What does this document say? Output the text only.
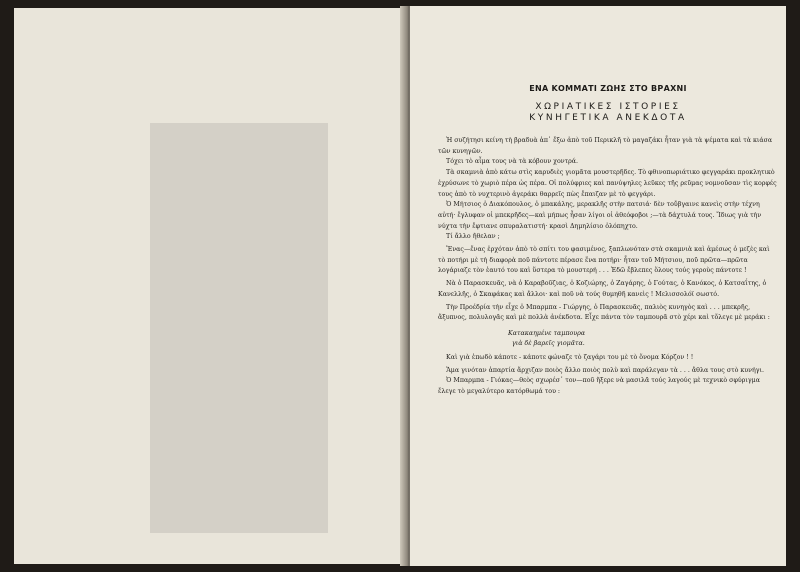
ΕΝΑ ΚΟΜΜΑΤΙ ΖΩΗΣ ΣΤΟ ΒΡΑΧΝΙ
ΧΩΡΙΑΤΙΚΕΣ ΙΣΤΟΡΙΕΣ
ΚΥΝΗΓΕΤΙΚΑ ΑΝΕΚΔΟΤΑ

Ἡ συζήτησι κείνη τὴ βραδυὰ ἀπ᾽ ἔξω ἀπὸ τοῦ Περικλῆ τὸ μαγαζάκι ἦταν γιὰ τὰ ψέματα καὶ τὰ κιάσα τῶν κυνηγῶν.

Τόχει τὸ αἷμα τους νὰ τὰ κόβουν χοντρά.

Τὰ σκαμνιὰ ἀπὸ κάτω στὶς καρυδιὲς γιομᾶτα μουστερῆδες. Τὸ φθινοπωριάτικο φεγγαράκι προκλητικὸ ἐχρύσωνε τὸ χωριὸ πέρα ὡς πέρα. Οἱ πολύφριες καὶ πανύψηλες λεῦκες τῆς ρεῦμας νομνοῦσαν τὶς κορφές τους ἀπὸ τὸ νυχτερινὸ ἀγεράκι θαρρεῖς πὼς ἔπαιζαν μὲ τὸ φεγγάρι.

Ὁ Μήτσιος ὁ Διακόπουλος, ὁ μπακάλης, μερακλῆς στὴν πατσιά· δὲν τοὔβγαινε κανεὶς στὴν τέχνη αὐτή· ἔγλυφαν οἱ μπεκρῆδες—καὶ μήπως ἦσαν λίγοι οἱ ἀθεόφοβοι ;—τὰ δάχτυλά τους. Ἴδιως γιὰ τὴν νύχτα τὴν ἔφτιανε σπυραλατιστή· κρασὶ Δημηλίσιο ὁλόπηχτο.

Τί ἄλλο ἤθελαν ;

Ἔνας—ἕνας ἐρχόταν ἀπὸ τὸ σπίτι του φασιμένος, ξαπλωνόταν στὰ σκαμνιὰ καὶ ἀμέσως ὁ μεζὲς καὶ τὸ ποτήρι μὲ τὴ διαφορὰ ποῦ πάντοτε πέρασε ἕνα ποτήρι· ἦταν τοῦ Μήτσιου, ποῦ πρῶτα—πρῶτα λογάριαζε τὸν ἑαυτό του καὶ ὕστερα τὸ μουστερή . . . Ἐδῶ ἔβλεπες ὅλους τούς γεροὺς πάντοτε !

Νὰ ὁ Παρασκευᾶς, νὰ ὁ Καραβοῦζιας, ὁ Κοζιώρης, ὁ Ζαγάρης, ὁ Γούτας, ὁ Κανόκος, ὁ Κατσαΐτης, ὁ Κανελλῆς, ὁ Σκαφάκας καὶ ἄλλοι· καὶ ποῦ νὰ τούς θυμηθῆ κανεὶς ! Μελισσολόϊ σωστό.

Τὴν Προέδρία τὴν εἶχε ὁ Μπαρμπα - Γιώργης, ὁ Παρασκευᾶς, παλιὸς κυνηγὸς καὶ . . . μπεκρῆς, ἄξυπνος, πολυλογᾶς καὶ μὲ πολλὰ ἀνέκδοτα. Εἶχε πάντα τὸν ταμπουρᾶ στὸ χέρι καὶ τὄλεγε μὲ μεράκι :

Κατακαημένε ταμπουρα
γιὰ δὲ βαρεῖς γιομᾶτα.

Καὶ γιὰ ἐπωδὸ κάποτε - κάποτε φώναζε τὸ ζαγάρι του μὲ τὸ ὄνομα Κόρζον ! !

Ἅμα γινόταν ἀπαρτία ἄρχιζαν ποιὸς ἄλλο ποιὸς πολὺ καὶ παράλεγαν τὰ . . . ἄθλα τους στὸ κυνήγι.

Ὁ Μπαρμπα - Γιόκας—θεὸς σχωρέσ᾽ τον—ποῦ ἤξερε νὰ μασιλᾶ τούς λαγούς μὲ τεχνικὸ σφύριγμα ἔλεγε τὸ μεγαλύτερο κατόρθωμά του :
